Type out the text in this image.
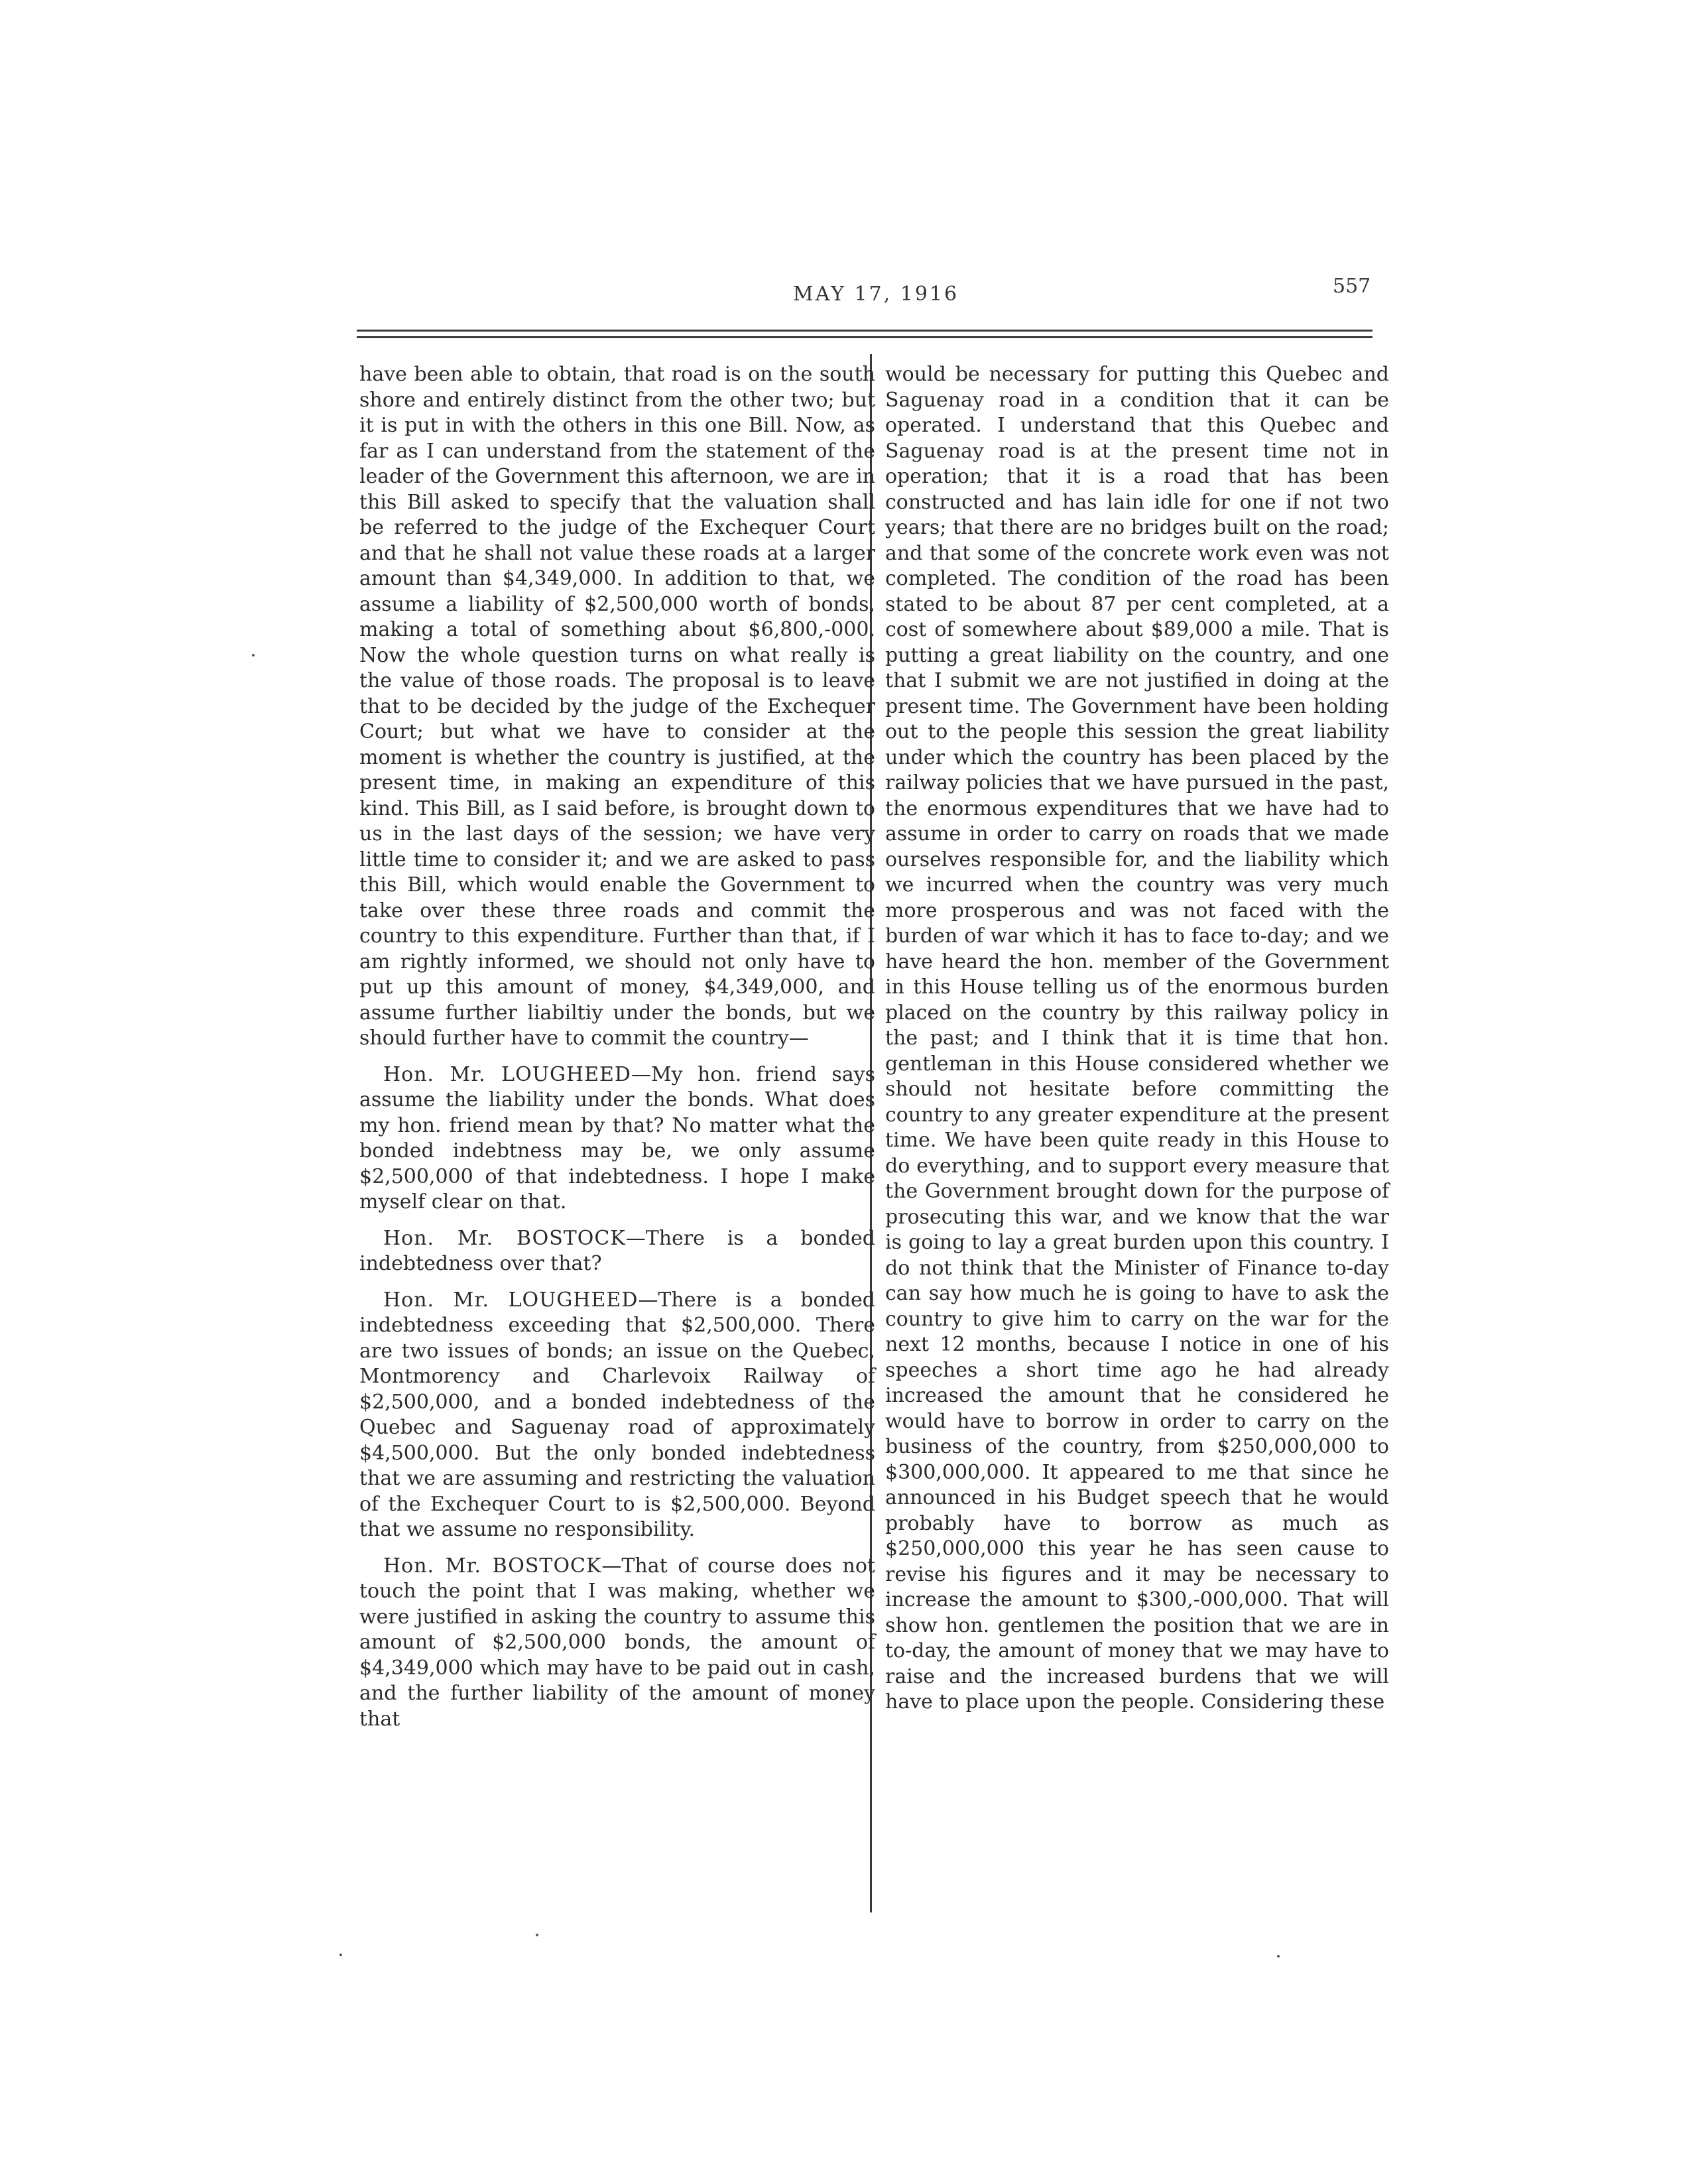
MAY 17, 1916	557

have been able to obtain, that road is on the south shore and entirely distinct from the other two; but it is put in with the others in this one Bill. Now, as far as I can understand from the statement of the leader of the Government this afternoon, we are in this Bill asked to specify that the valuation shall be referred to the judge of the Exchequer Court and that he shall not value these roads at a larger amount than $4,349,000. In addition to that, we assume a liability of $2,500,000 worth of bonds, making a total of something about $6,800,-000. Now the whole question turns on what really is the value of those roads. The proposal is to leave that to be decided by the judge of the Exchequer Court; but what we have to consider at the moment is whether the country is justified, at the present time, in making an expenditure of this kind. This Bill, as I said before, is brought down to us in the last days of the session; we have very little time to consider it; and we are asked to pass this Bill, which would enable the Government to take over these three roads and commit the country to this expenditure. Further than that, if I am rightly informed, we should not only have to put up this amount of money, $4,349,000, and assume further liabiltiy under the bonds, but we should further have to commit the country—

Hon. Mr. LOUGHEED—My hon. friend says assume the liability under the bonds. What does my hon. friend mean by that? No matter what the bonded indebtness may be, we only assume $2,500,000 of that indebtedness. I hope I make myself clear on that.

Hon. Mr. BOSTOCK—There is a bonded indebtedness over that?

Hon. Mr. LOUGHEED—There is a bonded indebtedness exceeding that $2,500,000. There are two issues of bonds; an issue on the Quebec, Montmorency and Charlevoix Railway of $2,500,000, and a bonded indebtedness of the Quebec and Saguenay road of approximately $4,500,000. But the only bonded indebtedness that we are assuming and restricting the valuation of the Exchequer Court to is $2,500,000. Beyond that we assume no responsibility.

Hon. Mr. BOSTOCK—That of course does not touch the point that I was making, whether we were justified in asking the country to assume this amount of $2,500,000 bonds, the amount of $4,349,000 which may have to be paid out in cash, and the further liability of the amount of money that

would be necessary for putting this Quebec and Saguenay road in a condition that it can be operated. I understand that this Quebec and Saguenay road is at the present time not in operation; that it is a road that has been constructed and has lain idle for one if not two years; that there are no bridges built on the road; and that some of the concrete work even was not completed. The condition of the road has been stated to be about 87 per cent completed, at a cost of somewhere about $89,000 a mile. That is putting a great liability on the country, and one that I submit we are not justified in doing at the present time. The Government have been holding out to the people this session the great liability under which the country has been placed by the railway policies that we have pursued in the past, the enormous expenditures that we have had to assume in order to carry on roads that we made ourselves responsible for, and the liability which we incurred when the country was very much more prosperous and was not faced with the burden of war which it has to face to-day; and we have heard the hon. member of the Government in this House telling us of the enormous burden placed on the country by this railway policy in the past; and I think that it is time that hon. gentleman in this House considered whether we should not hesitate before committing the country to any greater expenditure at the present time. We have been quite ready in this House to do everything, and to support every measure that the Government brought down for the purpose of prosecuting this war, and we know that the war is going to lay a great burden upon this country. I do not think that the Minister of Finance to-day can say how much he is going to have to ask the country to give him to carry on the war for the next 12 months, because I notice in one of his speeches a short time ago he had already increased the amount that he considered he would have to borrow in order to carry on the business of the country, from $250,000,000 to $300,000,000. It appeared to me that since he announced in his Budget speech that he would probably have to borrow as much as $250,000,000 this year he has seen cause to revise his figures and it may be necessary to increase the amount to $300,-000,000. That will show hon. gentlemen the position that we are in to-day, the amount of money that we may have to raise and the increased burdens that we will have to place upon the people. Considering these
